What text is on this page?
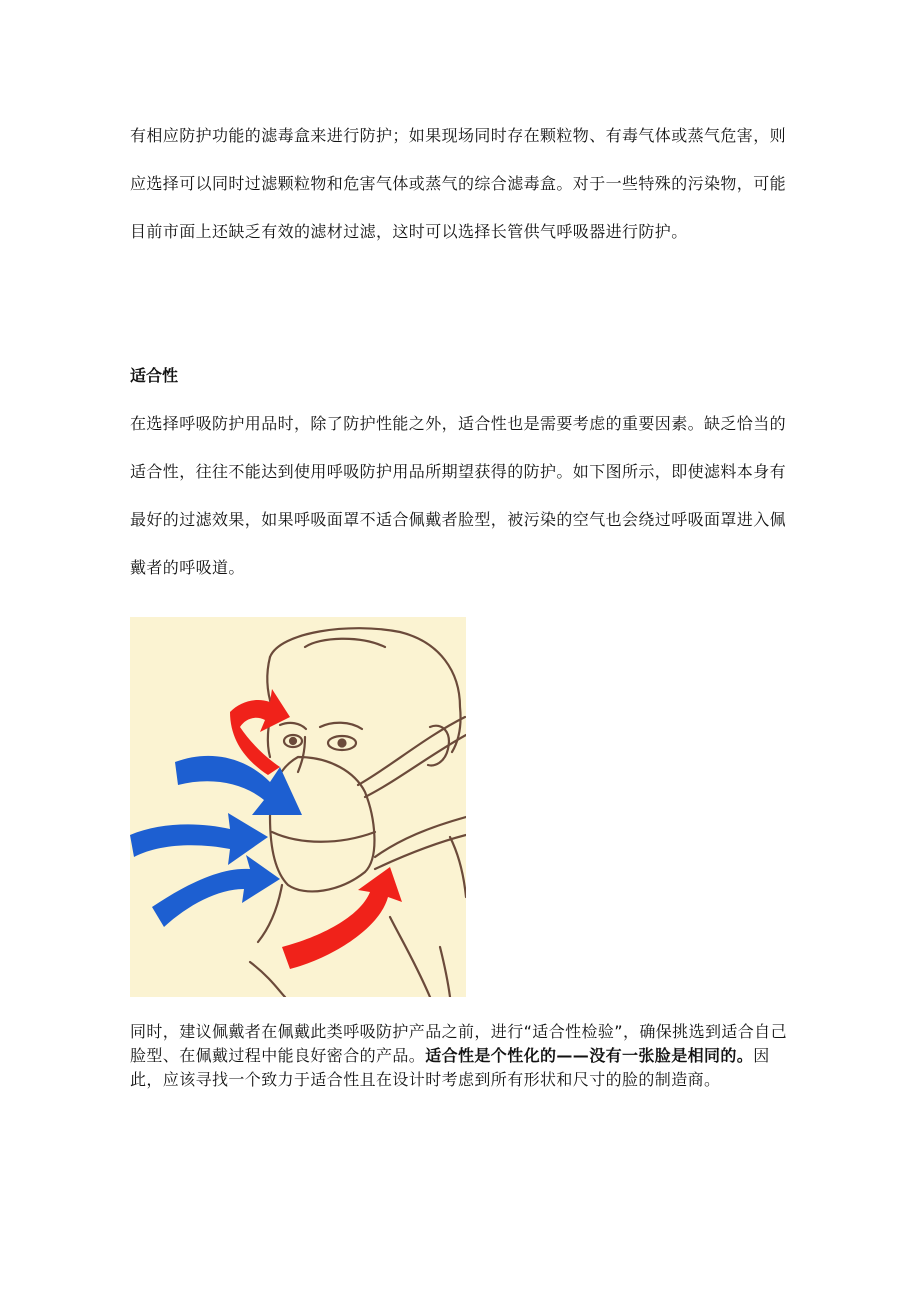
有相应防护功能的滤毒盒来进行防护；如果现场同时存在颗粒物、有毒气体或蒸气危害，则应选择可以同时过滤颗粒物和危害气体或蒸气的综合滤毒盒。对于一些特殊的污染物，可能目前市面上还缺乏有效的滤材过滤，这时可以选择长管供气呼吸器进行防护。

适合性

在选择呼吸防护用品时，除了防护性能之外，适合性也是需要考虑的重要因素。缺乏恰当的适合性，往往不能达到使用呼吸防护用品所期望获得的防护。如下图所示，即使滤料本身有最好的过滤效果，如果呼吸面罩不适合佩戴者脸型，被污染的空气也会绕过呼吸面罩进入佩戴者的呼吸道。

同时，建议佩戴者在佩戴此类呼吸防护产品之前，进行“适合性检验”，确保挑选到适合自己脸型、在佩戴过程中能良好密合的产品。适合性是个性化的——没有一张脸是相同的。因此，应该寻找一个致力于适合性且在设计时考虑到所有形状和尺寸的脸的制造商。
